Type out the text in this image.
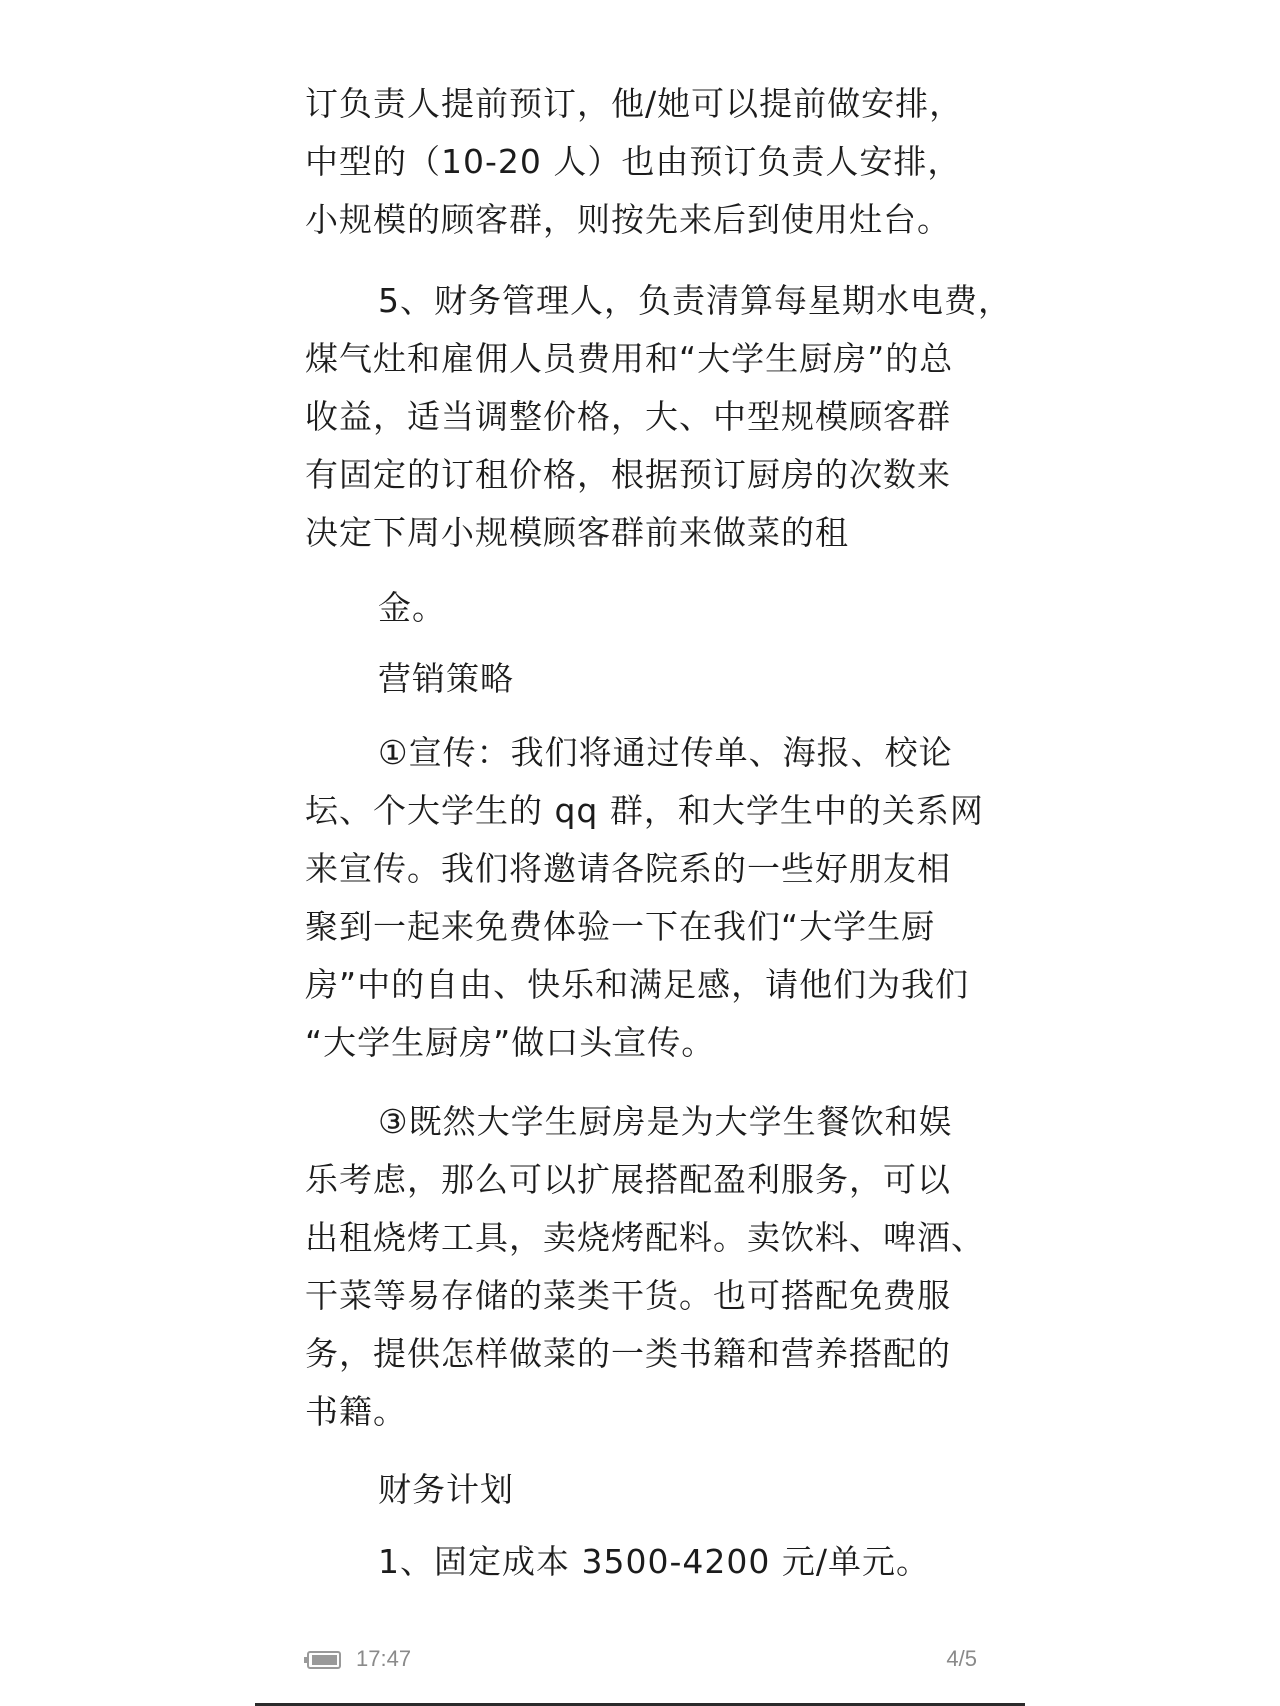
订负责人提前预订，他/她可以提前做安排，
中型的（10-20 人）也由预订负责人安排，
小规模的顾客群，则按先来后到使用灶台。
5、财务管理人，负责清算每星期水电费，
煤气灶和雇佣人员费用和“大学生厨房”的总
收益，适当调整价格，大、中型规模顾客群
有固定的订租价格，根据预订厨房的次数来
决定下周小规模顾客群前来做菜的租
金。
营销策略
①宣传：我们将通过传单、海报、校论
坛、个大学生的 qq 群，和大学生中的关系网
来宣传。我们将邀请各院系的一些好朋友相
聚到一起来免费体验一下在我们“大学生厨
房”中的自由、快乐和满足感，请他们为我们
“大学生厨房”做口头宣传。
③既然大学生厨房是为大学生餐饮和娱
乐考虑，那么可以扩展搭配盈利服务，可以
出租烧烤工具，卖烧烤配料。卖饮料、啤酒、
干菜等易存储的菜类干货。也可搭配免费服
务，提供怎样做菜的一类书籍和营养搭配的
书籍。
财务计划
1、固定成本 3500-4200 元/单元。
17:47	4/5
